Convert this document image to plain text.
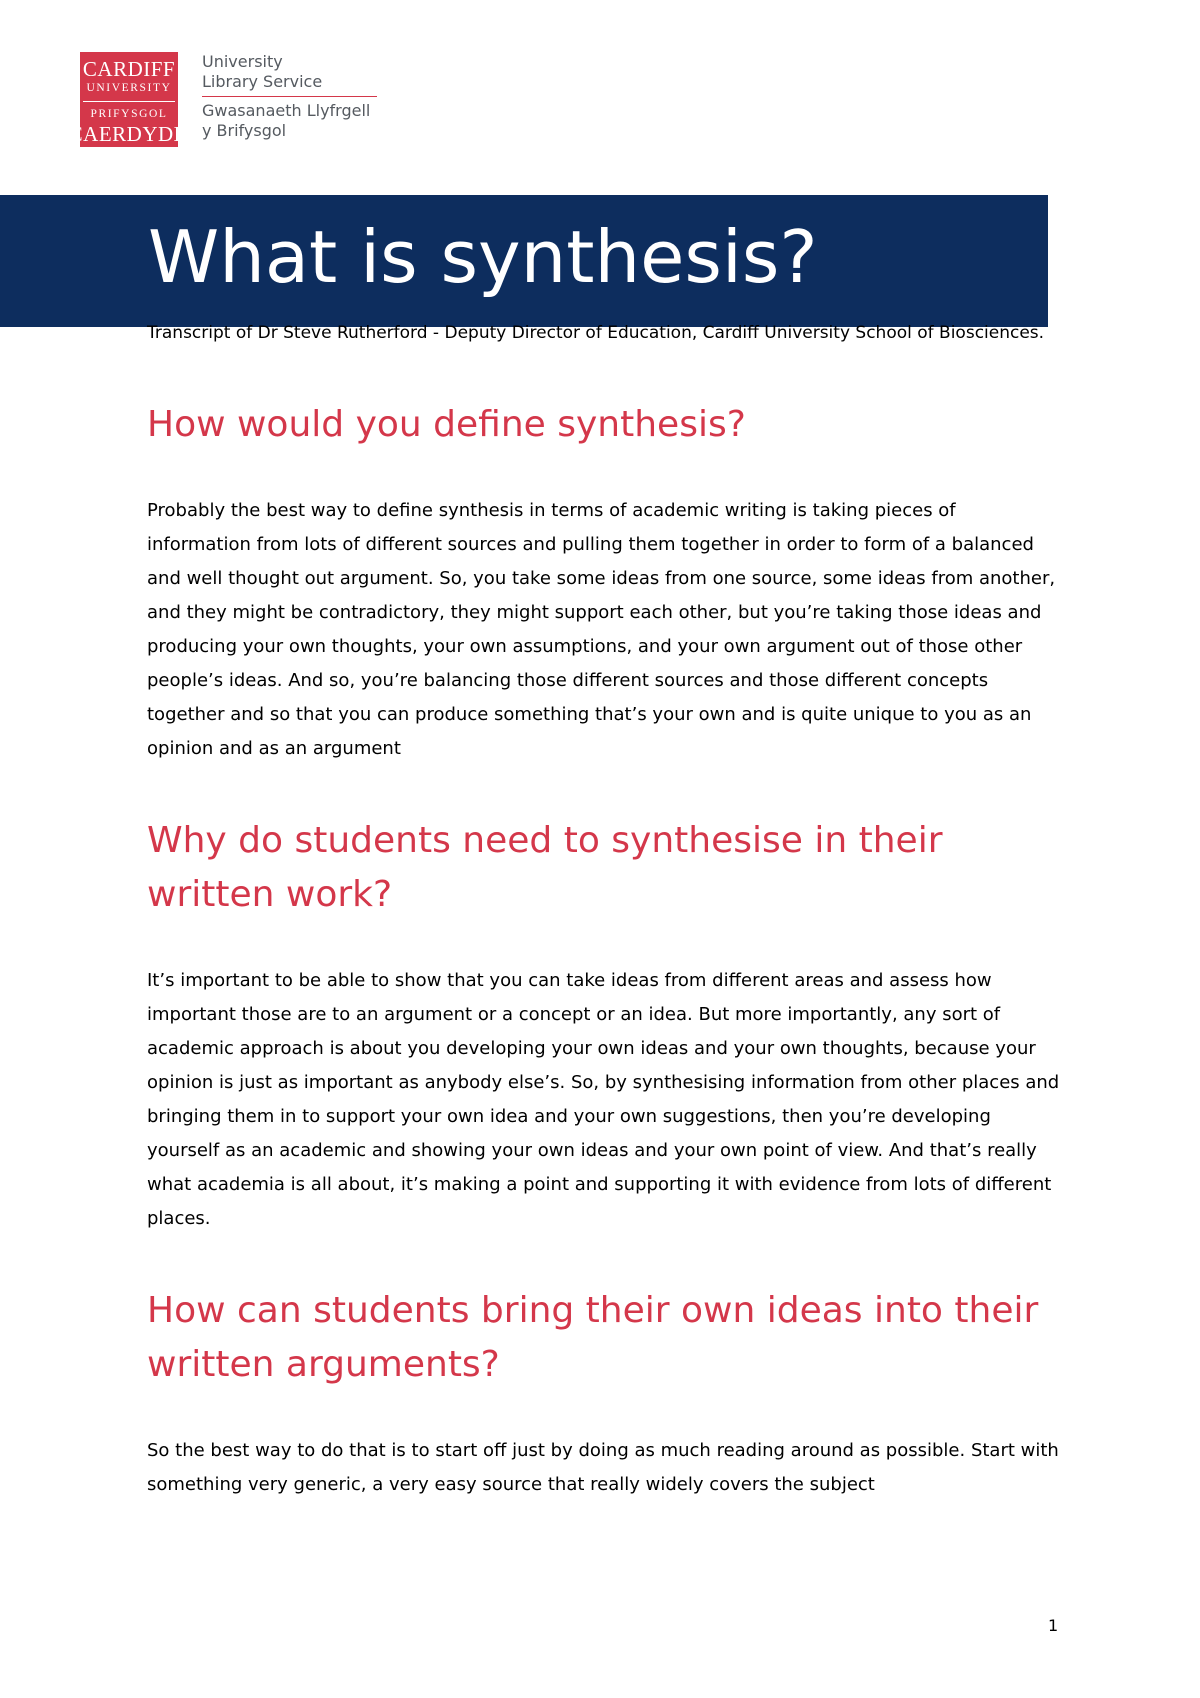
CARDIFF
UNIVERSITY
PRIFYSGOL
CAERDYDD
University
Library Service
Gwasanaeth Llyfrgell
y Brifysgol
What is synthesis?

Transcript of Dr Steve Rutherford - Deputy Director of Education, Cardiff University School of Biosciences.

How would you define synthesis?

Probably the best way to define synthesis in terms of academic writing is taking pieces of information from lots of different sources and pulling them together in order to form of a balanced and well thought out argument. So, you take some ideas from one source, some ideas from another, and they might be contradictory, they might support each other, but you’re taking those ideas and producing your own thoughts, your own assumptions, and your own argument out of those other people’s ideas. And so, you’re balancing those different sources and those different concepts together and so that you can produce something that’s your own and is quite unique to you as an opinion and as an argument

Why do students need to synthesise in their written work?

It’s important to be able to show that you can take ideas from different areas and assess how important those are to an argument or a concept or an idea. But more importantly, any sort of academic approach is about you developing your own ideas and your own thoughts, because your opinion is just as important as anybody else’s. So, by synthesising information from other places and bringing them in to support your own idea and your own suggestions, then you’re developing yourself as an academic and showing your own ideas and your own point of view. And that’s really what academia is all about, it’s making a point and supporting it with evidence from lots of different places.

How can students bring their own ideas into their written arguments?

So the best way to do that is to start off just by doing as much reading around as possible. Start with something very generic, a very easy source that really widely covers the subject

1
